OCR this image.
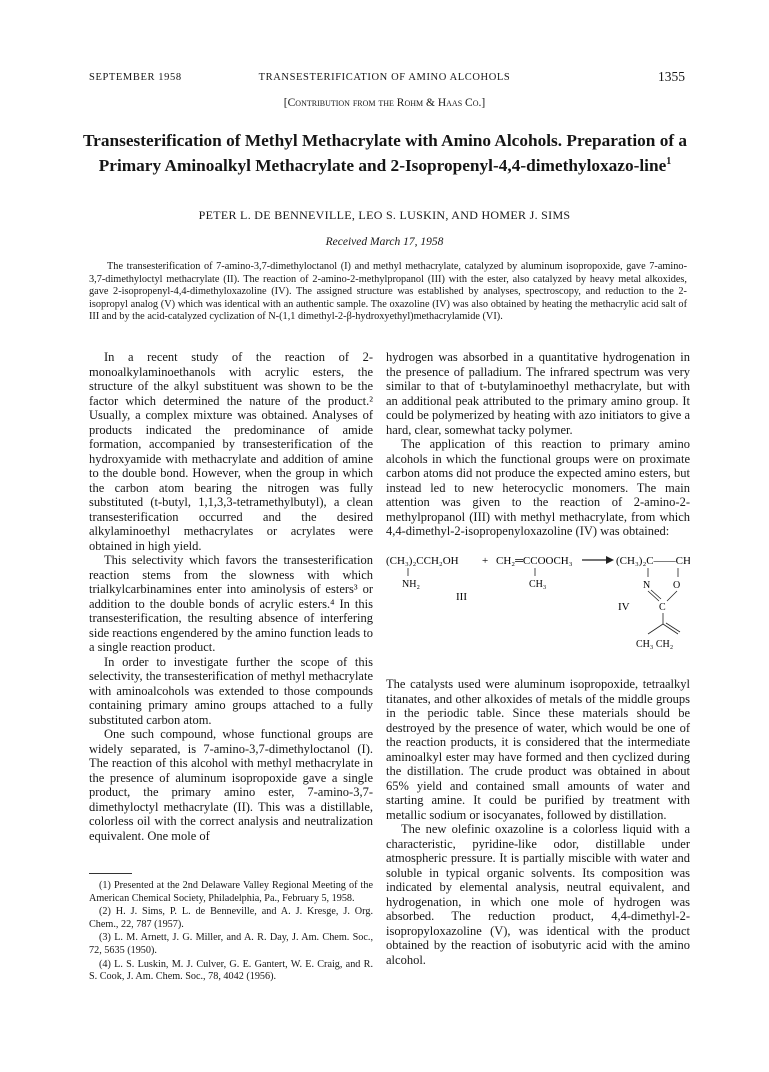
SEPTEMBER 1958	TRANSESTERIFICATION OF AMINO ALCOHOLS	1355
[Contribution from the Rohm & Haas Co.]
Transesterification of Methyl Methacrylate with Amino Alcohols. Preparation of a Primary Aminoalkyl Methacrylate and 2-Isopropenyl-4,4-dimethyloxazo-line$^1$
PETER L. DE BENNEVILLE, LEO S. LUSKIN, AND HOMER J. SIMS
Received March 17, 1958
The transesterification of 7-amino-3,7-dimethyloctanol (I) and methyl methacrylate, catalyzed by aluminum isopropoxide, gave 7-amino-3,7-dimethyloctyl methacrylate (II). The reaction of 2-amino-2-methylpropanol (III) with the ester, also catalyzed by heavy metal alkoxides, gave 2-isopropenyl-4,4-dimethyloxazoline (IV). The assigned structure was established by analyses, spectroscopy, and reduction to the 2-isopropyl analog (V) which was identical with an authentic sample. The oxazoline (IV) was also obtained by heating the methacrylic acid salt of III and by the acid-catalyzed cyclization of N-(1,1 dimethyl-2-β-hydroxyethyl)methacrylamide (VI).

In a recent study of the reaction of 2-monoalkylaminoethanols with acrylic esters, the structure of the alkyl substituent was shown to be the factor which determined the nature of the product.² Usually, a complex mixture was obtained. Analyses of products indicated the predominance of amide formation, accompanied by transesterification of the hydroxyamide with methacrylate and addition of amine to the double bond. However, when the group in which the carbon atom bearing the nitrogen was fully substituted (t-butyl, 1,1,3,3-tetramethylbutyl), a clean transesterification occurred and the desired alkylaminoethyl methacrylates or acrylates were obtained in high yield.

This selectivity which favors the transesterification reaction stems from the slowness with which trialkylcarbinamines enter into aminolysis of esters³ or addition to the double bonds of acrylic esters.⁴ In this transesterification, the resulting absence of interfering side reactions engendered by the amino function leads to a single reaction product.

In order to investigate further the scope of this selectivity, the transesterification of methyl methacrylate with aminoalcohols was extended to those compounds containing primary amino groups attached to a fully substituted carbon atom.

One such compound, whose functional groups are widely separated, is 7-amino-3,7-dimethyloctanol (I). The reaction of this alcohol with methyl methacrylate in the presence of aluminum isopropoxide gave a single product, the primary amino ester, 7-amino-3,7-dimethyloctyl methacrylate (II). This was a distillable, colorless oil with the correct analysis and neutralization equivalent. One mole of

(1) Presented at the 2nd Delaware Valley Regional Meeting of the American Chemical Society, Philadelphia, Pa., February 5, 1958.

(2) H. J. Sims, P. L. de Benneville, and A. J. Kresge, J. Org. Chem., 22, 787 (1957).

(3) L. M. Arnett, J. G. Miller, and A. R. Day, J. Am. Chem. Soc., 72, 5635 (1950).

(4) L. S. Luskin, M. J. Culver, G. E. Gantert, W. E. Craig, and R. S. Cook, J. Am. Chem. Soc., 78, 4042 (1956).

hydrogen was absorbed in a quantitative hydrogenation in the presence of palladium. The infrared spectrum was very similar to that of t-butylaminoethyl methacrylate, but with an additional peak attributed to the primary amino group. It could be polymerized by heating with azo initiators to give a hard, clear, somewhat tacky polymer.

The application of this reaction to primary amino alcohols in which the functional groups were on proximate carbon atoms did not produce the expected amino esters, but instead led to new heterocyclic monomers. The main attention was given to the reaction of 2-amino-2-methylpropanol (III) with methyl methacrylate, from which 4,4-dimethyl-2-isopropenyloxazoline (IV) was obtained:

(CH₃)₂CCH₂OH
NH₂
+ CH₂═CCOOCH₃
CH₃
III
(CH₃)₂C——CH₂
N O
C
IV
CH₃ CH₂

The catalysts used were aluminum isopropoxide, tetraalkyl titanates, and other alkoxides of metals of the middle groups in the periodic table. Since these materials should be destroyed by the presence of water, which would be one of the reaction products, it is considered that the intermediate aminoalkyl ester may have formed and then cyclized during the distillation. The crude product was obtained in about 65% yield and contained small amounts of water and starting amine. It could be purified by treatment with metallic sodium or isocyanates, followed by distillation.

The new olefinic oxazoline is a colorless liquid with a characteristic, pyridine-like odor, distillable under atmospheric pressure. It is partially miscible with water and soluble in typical organic solvents. Its composition was indicated by elemental analysis, neutral equivalent, and hydrogenation, in which one mole of hydrogen was absorbed. The reduction product, 4,4-dimethyl-2-isopropyloxazoline (V), was identical with the product obtained by the reaction of isobutyric acid with the amino alcohol.
